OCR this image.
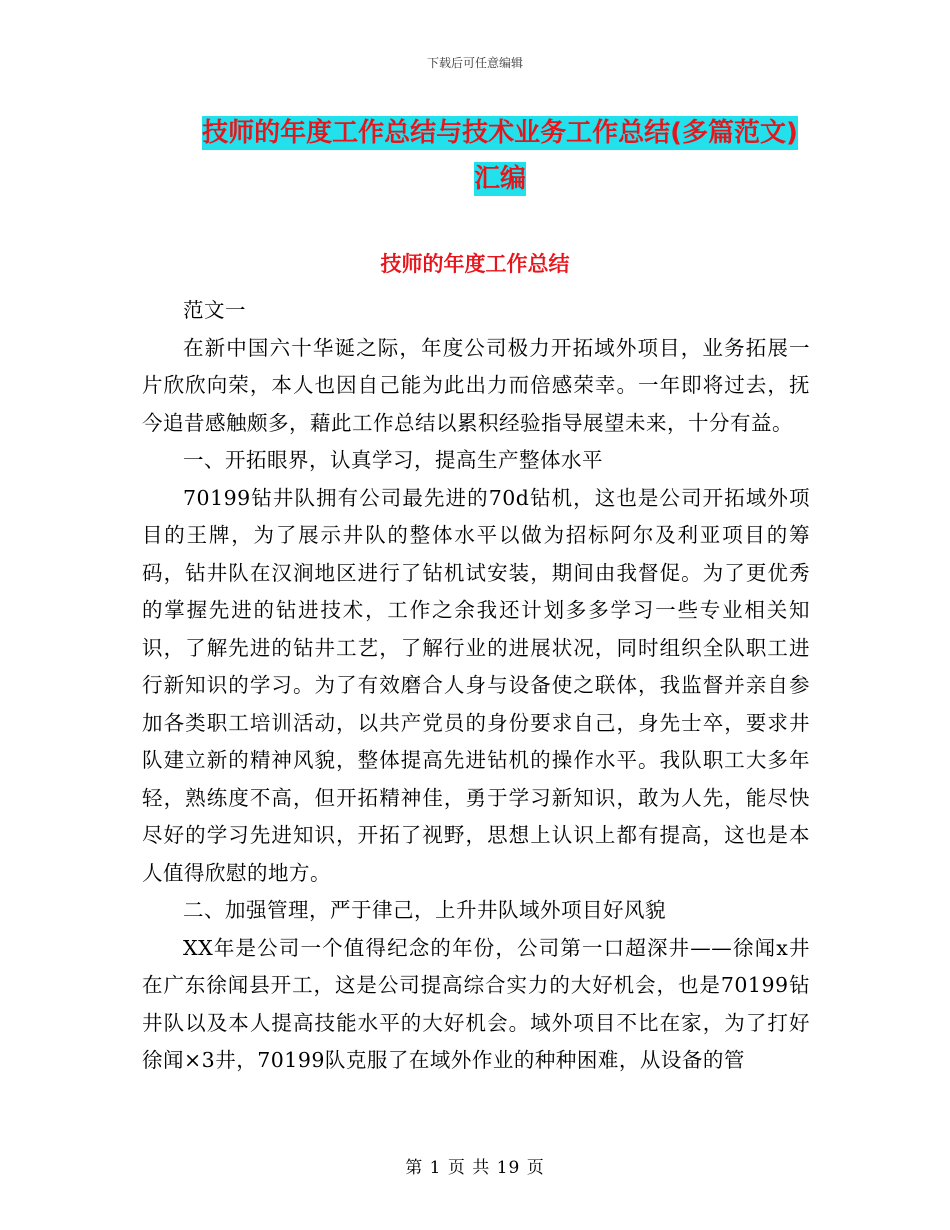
下载后可任意编辑
技师的年度工作总结与技术业务工作总结(多篇范文)
汇编
技师的年度工作总结

范文一

在新中国六十华诞之际，年度公司极力开拓域外项目，业务拓展一片欣欣向荣，本人也因自己能为此出力而倍感荣幸。一年即将过去，抚今追昔感触颇多，藉此工作总结以累积经验指导展望未来，十分有益。

一、开拓眼界，认真学习，提高生产整体水平

70199钻井队拥有公司最先进的70d钻机，这也是公司开拓域外项目的王牌，为了展示井队的整体水平以做为招标阿尔及利亚项目的筹码，钻井队在汉涧地区进行了钻机试安装，期间由我督促。为了更优秀的掌握先进的钻进技术，工作之余我还计划多多学习一些专业相关知识，了解先进的钻井工艺，了解行业的进展状况，同时组织全队职工进行新知识的学习。为了有效磨合人身与设备使之联体，我监督并亲自参加各类职工培训活动，以共产党员的身份要求自己，身先士卒，要求井队建立新的精神风貌，整体提高先进钻机的操作水平。我队职工大多年轻，熟练度不高，但开拓精神佳，勇于学习新知识，敢为人先，能尽快尽好的学习先进知识，开拓了视野，思想上认识上都有提高，这也是本人值得欣慰的地方。

二、加强管理，严于律己，上升井队域外项目好风貌

XX年是公司一个值得纪念的年份，公司第一口超深井——徐闻x井在广东徐闻县开工，这是公司提高综合实力的大好机会，也是70199钻井队以及本人提高技能水平的大好机会。域外项目不比在家，为了打好徐闻×3井，70199队克服了在域外作业的种种困难，从设备的管

第 1 页 共 19 页
